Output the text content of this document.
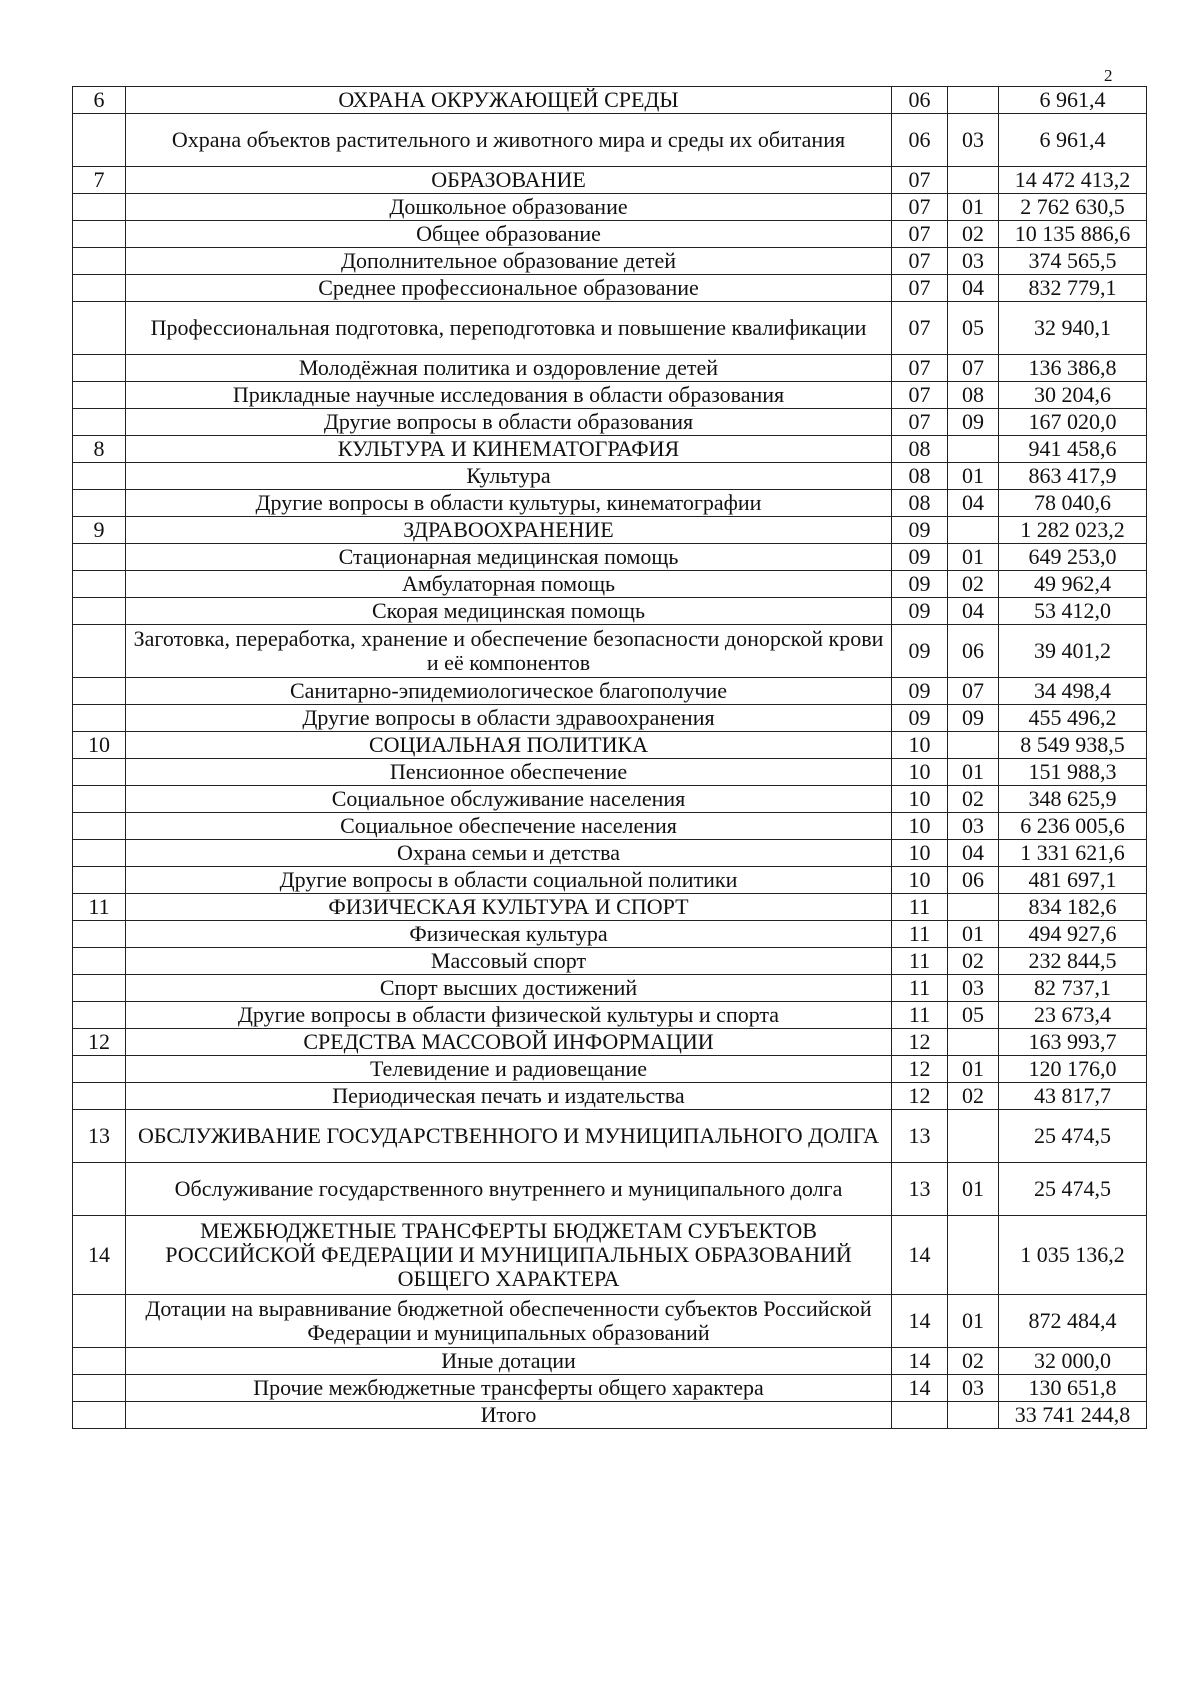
2
6	ОХРАНА ОКРУЖАЮЩЕЙ СРЕДЫ	06		6 961,4
	Охрана объектов растительного и животного мира и среды их обитания	06	03	6 961,4
7	ОБРАЗОВАНИЕ	07		14 472 413,2
	Дошкольное образование	07	01	2 762 630,5
	Общее образование	07	02	10 135 886,6
	Дополнительное образование детей	07	03	374 565,5
	Среднее профессиональное образование	07	04	832 779,1
	Профессиональная подготовка, переподготовка и повышение квалификации	07	05	32 940,1
	Молодёжная политика и оздоровление детей	07	07	136 386,8
	Прикладные научные исследования в области образования	07	08	30 204,6
	Другие вопросы в области образования	07	09	167 020,0
8	КУЛЬТУРА И КИНЕМАТОГРАФИЯ	08		941 458,6
	Культура	08	01	863 417,9
	Другие вопросы в области культуры, кинематографии	08	04	78 040,6
9	ЗДРАВООХРАНЕНИЕ	09		1 282 023,2
	Стационарная медицинская помощь	09	01	649 253,0
	Амбулаторная помощь	09	02	49 962,4
	Скорая медицинская помощь	09	04	53 412,0
	Заготовка, переработка, хранение и обеспечение безопасности донорской крови и её компонентов	09	06	39 401,2
	Санитарно-эпидемиологическое благополучие	09	07	34 498,4
	Другие вопросы в области здравоохранения	09	09	455 496,2
10	СОЦИАЛЬНАЯ ПОЛИТИКА	10		8 549 938,5
	Пенсионное обеспечение	10	01	151 988,3
	Социальное обслуживание населения	10	02	348 625,9
	Социальное обеспечение населения	10	03	6 236 005,6
	Охрана семьи и детства	10	04	1 331 621,6
	Другие вопросы в области социальной политики	10	06	481 697,1
11	ФИЗИЧЕСКАЯ КУЛЬТУРА И СПОРТ	11		834 182,6
	Физическая культура	11	01	494 927,6
	Массовый спорт	11	02	232 844,5
	Спорт высших достижений	11	03	82 737,1
	Другие вопросы в области физической культуры и спорта	11	05	23 673,4
12	СРЕДСТВА МАССОВОЙ ИНФОРМАЦИИ	12		163 993,7
	Телевидение и радиовещание	12	01	120 176,0
	Периодическая печать и издательства	12	02	43 817,7
13	ОБСЛУЖИВАНИЕ ГОСУДАРСТВЕННОГО И МУНИЦИПАЛЬНОГО ДОЛГА	13		25 474,5
	Обслуживание государственного внутреннего и муниципального долга	13	01	25 474,5
14	МЕЖБЮДЖЕТНЫЕ ТРАНСФЕРТЫ БЮДЖЕТАМ СУБЪЕКТОВ РОССИЙСКОЙ ФЕДЕРАЦИИ И МУНИЦИПАЛЬНЫХ ОБРАЗОВАНИЙ ОБЩЕГО ХАРАКТЕРА	14		1 035 136,2
	Дотации на выравнивание бюджетной обеспеченности субъектов Российской Федерации и муниципальных образований	14	01	872 484,4
	Иные дотации	14	02	32 000,0
	Прочие межбюджетные трансферты общего характера	14	03	130 651,8
	Итого			33 741 244,8
